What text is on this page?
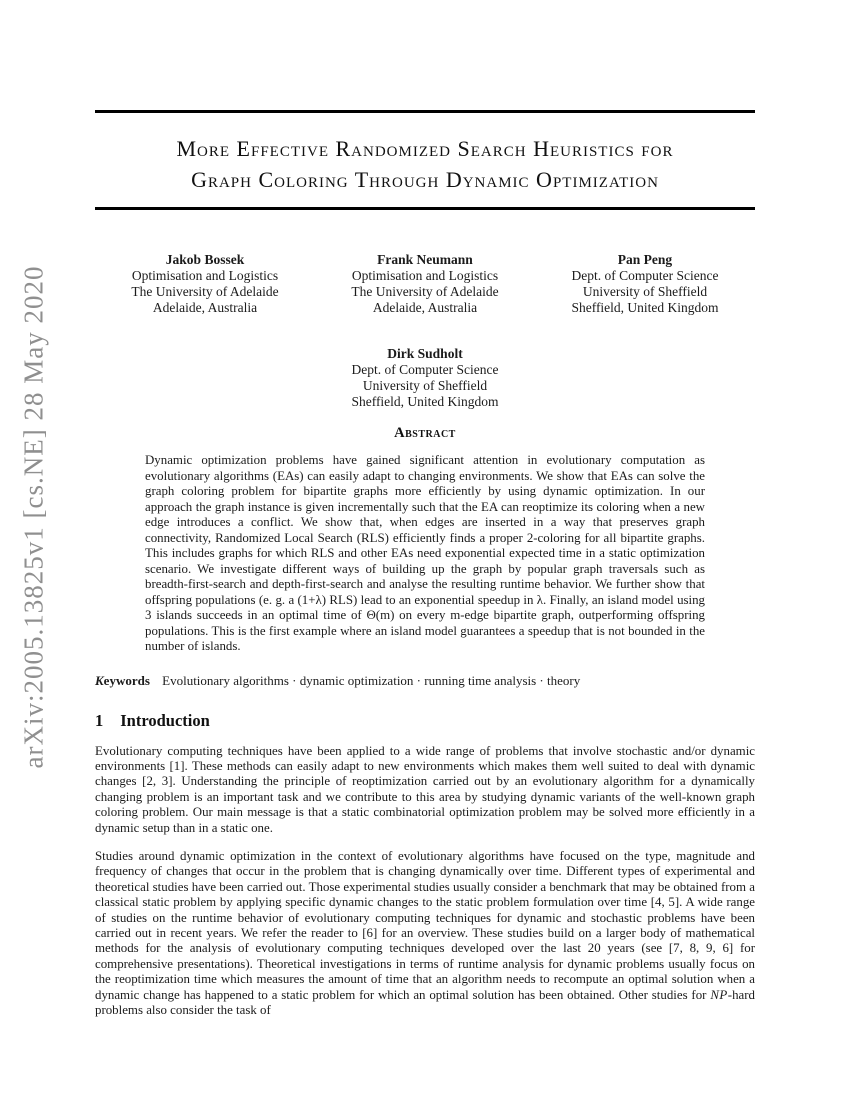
arXiv:2005.13825v1 [cs.NE] 28 May 2020
More Effective Randomized Search Heuristics for
Graph Coloring Through Dynamic Optimization
Jakob Bossek
Optimisation and Logistics
The University of Adelaide
Adelaide, Australia
Frank Neumann
Optimisation and Logistics
The University of Adelaide
Adelaide, Australia
Pan Peng
Dept. of Computer Science
University of Sheffield
Sheffield, United Kingdom
Dirk Sudholt
Dept. of Computer Science
University of Sheffield
Sheffield, United Kingdom
Abstract

Dynamic optimization problems have gained significant attention in evolutionary computation as evolutionary algorithms (EAs) can easily adapt to changing environments. We show that EAs can solve the graph coloring problem for bipartite graphs more efficiently by using dynamic optimization. In our approach the graph instance is given incrementally such that the EA can reoptimize its coloring when a new edge introduces a conflict. We show that, when edges are inserted in a way that preserves graph connectivity, Randomized Local Search (RLS) efficiently finds a proper 2-coloring for all bipartite graphs. This includes graphs for which RLS and other EAs need exponential expected time in a static optimization scenario. We investigate different ways of building up the graph by popular graph traversals such as breadth-first-search and depth-first-search and analyse the resulting runtime behavior. We further show that offspring populations (e. g. a (1+λ) RLS) lead to an exponential speedup in λ. Finally, an island model using 3 islands succeeds in an optimal time of Θ(m) on every m-edge bipartite graph, outperforming offspring populations. This is the first example where an island model guarantees a speedup that is not bounded in the number of islands.

Keywords Evolutionary algorithms · dynamic optimization · running time analysis · theory

1 Introduction

Evolutionary computing techniques have been applied to a wide range of problems that involve stochastic and/or dynamic environments [1]. These methods can easily adapt to new environments which makes them well suited to deal with dynamic changes [2, 3]. Understanding the principle of reoptimization carried out by an evolutionary algorithm for a dynamically changing problem is an important task and we contribute to this area by studying dynamic variants of the well-known graph coloring problem. Our main message is that a static combinatorial optimization problem may be solved more efficiently in a dynamic setup than in a static one.

Studies around dynamic optimization in the context of evolutionary algorithms have focused on the type, magnitude and frequency of changes that occur in the problem that is changing dynamically over time. Different types of experimental and theoretical studies have been carried out. Those experimental studies usually consider a benchmark that may be obtained from a classical static problem by applying specific dynamic changes to the static problem formulation over time [4, 5]. A wide range of studies on the runtime behavior of evolutionary computing techniques for dynamic and stochastic problems have been carried out in recent years. We refer the reader to [6] for an overview. These studies build on a larger body of mathematical methods for the analysis of evolutionary computing techniques developed over the last 20 years (see [7, 8, 9, 6] for comprehensive presentations). Theoretical investigations in terms of runtime analysis for dynamic problems usually focus on the reoptimization time which measures the amount of time that an algorithm needs to recompute an optimal solution when a dynamic change has happened to a static problem for which an optimal solution has been obtained. Other studies for NP-hard problems also consider the task of
